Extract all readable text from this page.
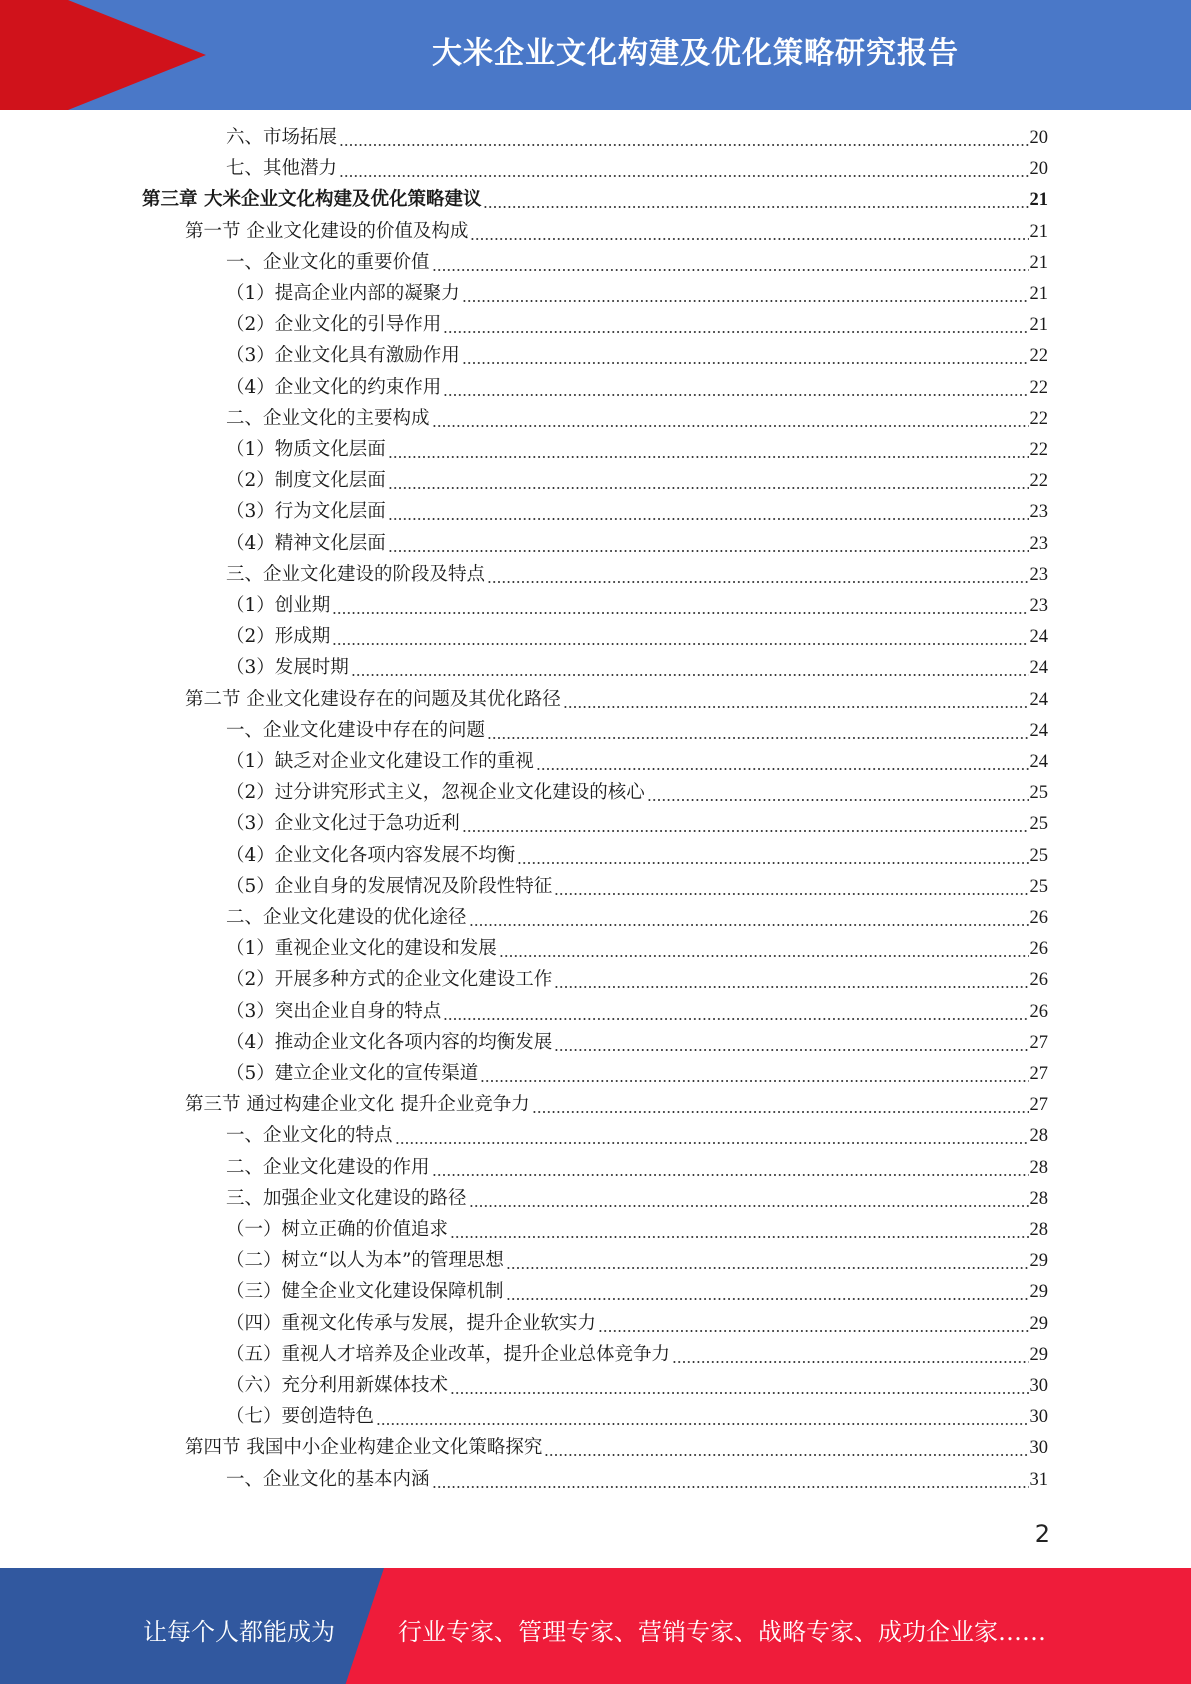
大米企业文化构建及优化策略研究报告
六、市场拓展	20
七、其他潜力	20
第三章 大米企业文化构建及优化策略建议	21
第一节 企业文化建设的价值及构成	21
一、企业文化的重要价值	21
（1）提高企业内部的凝聚力	21
（2）企业文化的引导作用	21
（3）企业文化具有激励作用	22
（4）企业文化的约束作用	22
二、企业文化的主要构成	22
（1）物质文化层面	22
（2）制度文化层面	22
（3）行为文化层面	23
（4）精神文化层面	23
三、企业文化建设的阶段及特点	23
（1）创业期	23
（2）形成期	24
（3）发展时期	24
第二节 企业文化建设存在的问题及其优化路径	24
一、企业文化建设中存在的问题	24
（1）缺乏对企业文化建设工作的重视	24
（2）过分讲究形式主义，忽视企业文化建设的核心	25
（3）企业文化过于急功近利	25
（4）企业文化各项内容发展不均衡	25
（5）企业自身的发展情况及阶段性特征	25
二、企业文化建设的优化途径	26
（1）重视企业文化的建设和发展	26
（2）开展多种方式的企业文化建设工作	26
（3）突出企业自身的特点	26
（4）推动企业文化各项内容的均衡发展	27
（5）建立企业文化的宣传渠道	27
第三节 通过构建企业文化 提升企业竞争力	27
一、企业文化的特点	28
二、企业文化建设的作用	28
三、加强企业文化建设的路径	28
（一）树立正确的价值追求	28
（二）树立“以人为本”的管理思想	29
（三）健全企业文化建设保障机制	29
（四）重视文化传承与发展，提升企业软实力	29
（五）重视人才培养及企业改革，提升企业总体竞争力	29
（六）充分利用新媒体技术	30
（七）要创造特色	30
第四节 我国中小企业构建企业文化策略探究	30
一、企业文化的基本内涵	31
2
让每个人都能成为	行业专家、管理专家、营销专家、战略专家、成功企业家……
